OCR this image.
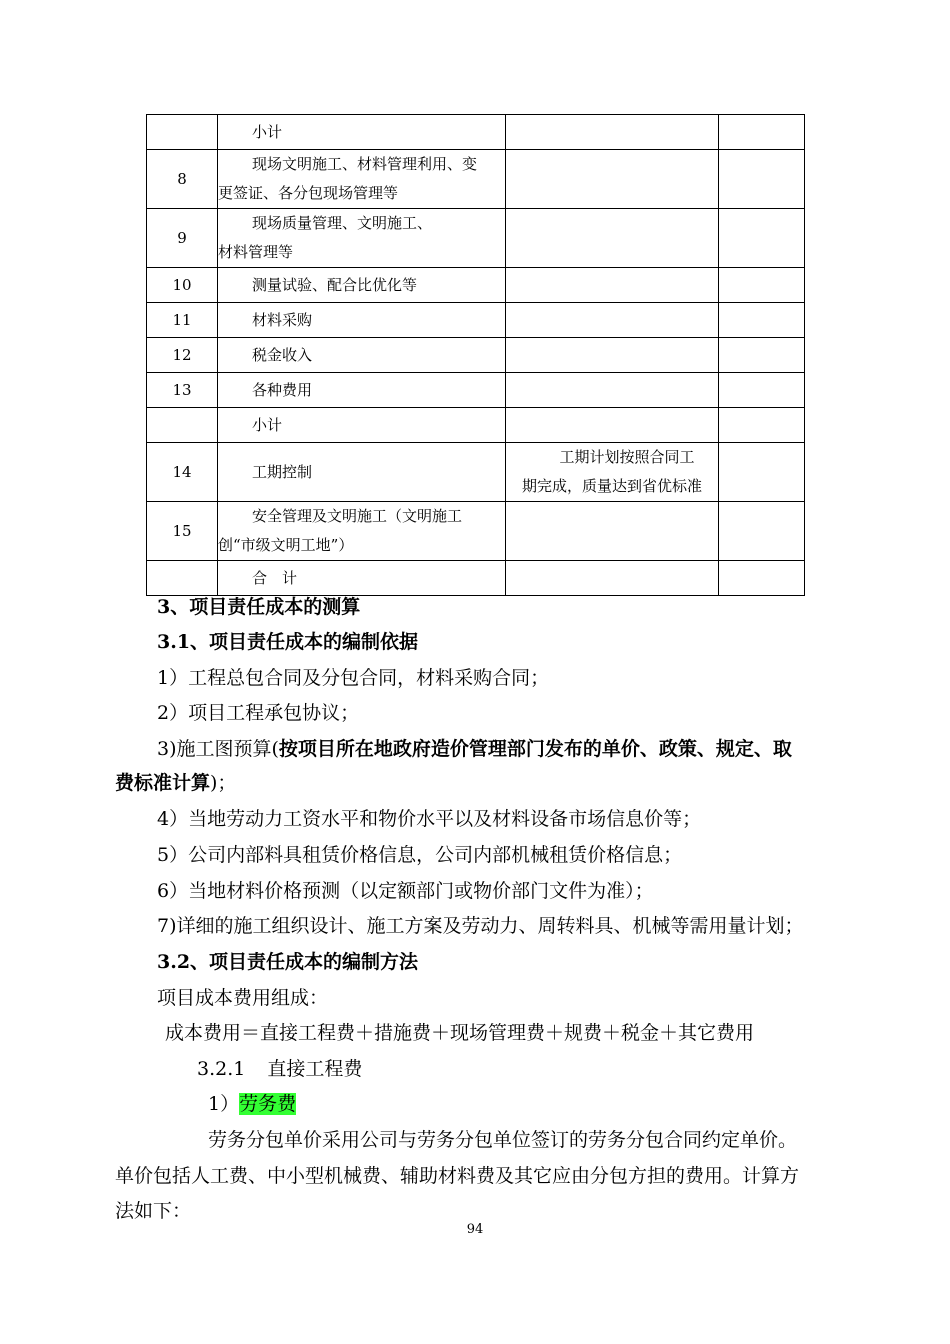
	小计		

8	现场文明施工、材料管理利用、变
更签证、各分包现场管理等		

9	现场质量管理、文明施工、
材料管理等		

10	测量试验、配合比优化等		

11	材料采购		

12	税金收入		

13	各种费用		

	小计		

14	工期控制	工期计划按照合同工
期完成，质量达到省优标准	

15	安全管理及文明施工（文明施工
创“市级文明工地”）		

	合　计		

3、项目责任成本的测算
3.1、项目责任成本的编制依据
1）工程总包合同及分包合同，材料采购合同；
2）项目工程承包协议；
3)施工图预算(按项目所在地政府造价管理部门发布的单价、政策、规定、取
费标准计算)；
4）当地劳动力工资水平和物价水平以及材料设备市场信息价等；
5）公司内部料具租赁价格信息，公司内部机械租赁价格信息；
6）当地材料价格预测（以定额部门或物价部门文件为准）；
7)详细的施工组织设计、施工方案及劳动力、周转料具、机械等需用量计划；
3.2、项目责任成本的编制方法
项目成本费用组成：
成本费用＝直接工程费＋措施费＋现场管理费＋规费＋税金＋其它费用
3.2.1 直接工程费
1）劳务费
劳务分包单价采用公司与劳务分包单位签订的劳务分包合同约定单价。
单价包括人工费、中小型机械费、辅助材料费及其它应由分包方担的费用。计算方
法如下：
94
